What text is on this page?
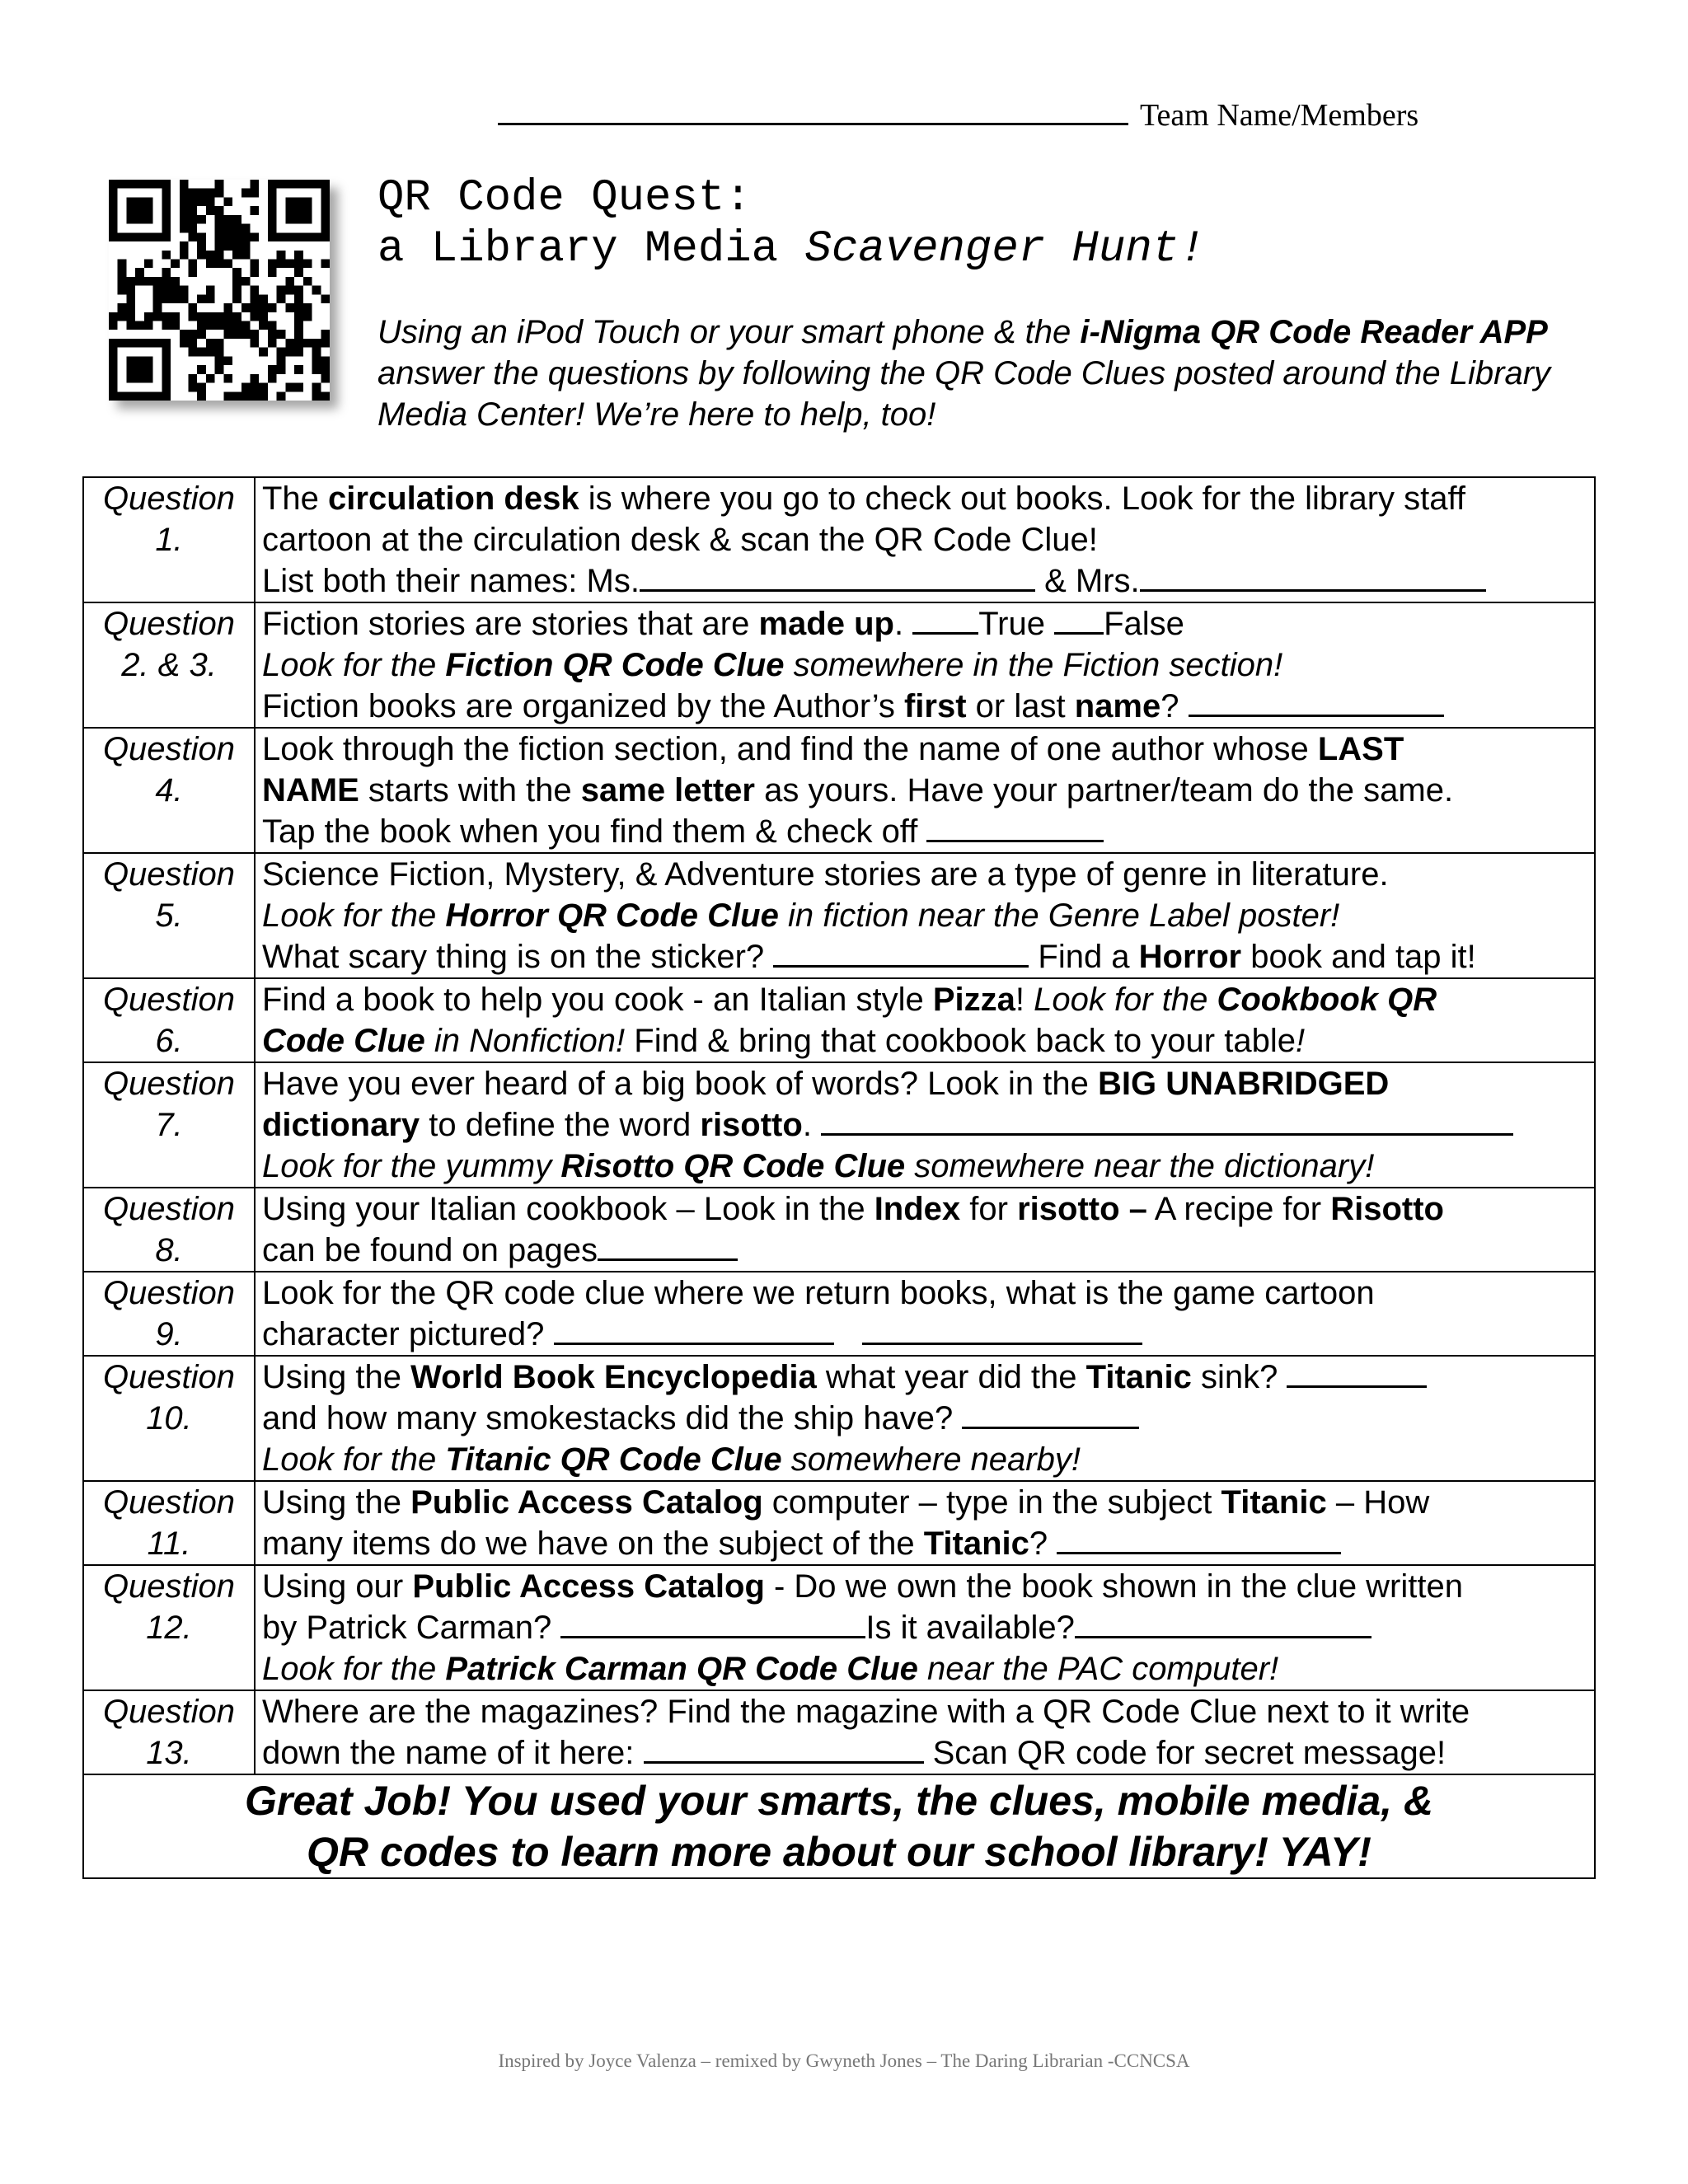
Team Name/Members
QR Code Quest:
a Library Media Scavenger Hunt!
Using an iPod Touch or your smart phone & the i-Nigma QR Code Reader APP answer the questions by following the QR Code Clues posted around the Library Media Center! We’re here to help, too!
Question
1.	The circulation desk is where you go to check out books. Look for the library staff
cartoon at the circulation desk & scan the QR Code Clue!
List both their names: Ms. & Mrs.

Question
2. & 3.	Fiction stories are stories that are made up. True False
Look for the Fiction QR Code Clue somewhere in the Fiction section!
Fiction books are organized by the Author’s first or last name?

Question
4.	Look through the fiction section, and find the name of one author whose LAST
NAME starts with the same letter as yours. Have your partner/team do the same.
Tap the book when you find them & check off

Question
5.	Science Fiction, Mystery, & Adventure stories are a type of genre in literature.
Look for the Horror QR Code Clue in fiction near the Genre Label poster!
What scary thing is on the sticker? Find a Horror book and tap it!

Question
6.	Find a book to help you cook - an Italian style Pizza! Look for the Cookbook QR
Code Clue in Nonfiction! Find & bring that cookbook back to your table!

Question
7.	Have you ever heard of a big book of words? Look in the BIG UNABRIDGED
dictionary to define the word risotto.
Look for the yummy Risotto QR Code Clue somewhere near the dictionary!

Question
8.	Using your Italian cookbook – Look in the Index for risotto – A recipe for Risotto
can be found on pages

Question
9.	Look for the QR code clue where we return books, what is the game cartoon
character pictured?

Question
10.	Using the World Book Encyclopedia what year did the Titanic sink?
and how many smokestacks did the ship have?
Look for the Titanic QR Code Clue somewhere nearby!

Question
11.	Using the Public Access Catalog computer – type in the subject Titanic – How
many items do we have on the subject of the Titanic?

Question
12.	Using our Public Access Catalog - Do we own the book shown in the clue written
by Patrick Carman? Is it available?
Look for the Patrick Carman QR Code Clue near the PAC computer!

Question
13.	Where are the magazines? Find the magazine with a QR Code Clue next to it write
down the name of it here: Scan QR code for secret message!

Great Job! You used your smarts, the clues, mobile media, &
QR codes to learn more about our school library! YAY!	
Inspired by Joyce Valenza – remixed by Gwyneth Jones – The Daring Librarian -CCNCSA
